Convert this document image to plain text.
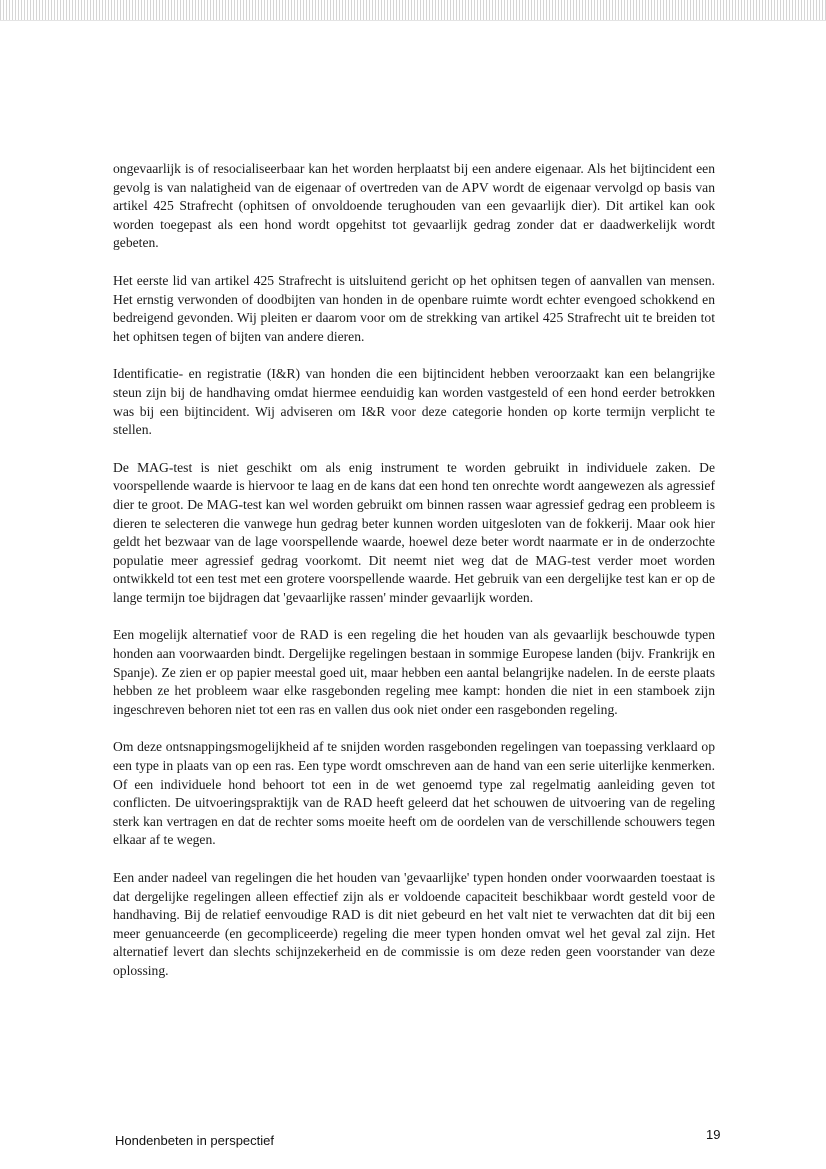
ongevaarlijk is of resocialiseerbaar kan het worden herplaatst bij een andere eigenaar. Als het bijtincident een gevolg is van nalatigheid van de eigenaar of overtreden van de APV wordt de eigenaar vervolgd op basis van artikel 425 Strafrecht (ophitsen of onvoldoende terughouden van een gevaarlijk dier). Dit artikel kan ook worden toegepast als een hond wordt opgehitst tot gevaarlijk gedrag zonder dat er daadwerkelijk wordt gebeten.

Het eerste lid van artikel 425 Strafrecht is uitsluitend gericht op het ophitsen tegen of aanvallen van mensen. Het ernstig verwonden of doodbijten van honden in de openbare ruimte wordt echter evengoed schokkend en bedreigend gevonden. Wij pleiten er daarom voor om de strekking van artikel 425 Strafrecht uit te breiden tot het ophitsen tegen of bijten van andere dieren.

Identificatie- en registratie (I&R) van honden die een bijtincident hebben veroorzaakt kan een belangrijke steun zijn bij de handhaving omdat hiermee eenduidig kan worden vastgesteld of een hond eerder betrokken was bij een bijtincident. Wij adviseren om I&R voor deze categorie honden op korte termijn verplicht te stellen.

De MAG-test is niet geschikt om als enig instrument te worden gebruikt in individuele zaken. De voorspellende waarde is hiervoor te laag en de kans dat een hond ten onrechte wordt aangewezen als agressief dier te groot. De MAG-test kan wel worden gebruikt om binnen rassen waar agressief gedrag een probleem is dieren te selecteren die vanwege hun gedrag beter kunnen worden uitgesloten van de fokkerij. Maar ook hier geldt het bezwaar van de lage voorspellende waarde, hoewel deze beter wordt naarmate er in de onderzochte populatie meer agressief gedrag voorkomt. Dit neemt niet weg dat de MAG-test verder moet worden ontwikkeld tot een test met een grotere voorspellende waarde. Het gebruik van een dergelijke test kan er op de lange termijn toe bijdragen dat 'gevaarlijke rassen' minder gevaarlijk worden.

Een mogelijk alternatief voor de RAD is een regeling die het houden van als gevaarlijk beschouwde typen honden aan voorwaarden bindt. Dergelijke regelingen bestaan in sommige Europese landen (bijv. Frankrijk en Spanje). Ze zien er op papier meestal goed uit, maar hebben een aantal belangrijke nadelen. In de eerste plaats hebben ze het probleem waar elke rasgebonden regeling mee kampt: honden die niet in een stamboek zijn ingeschreven behoren niet tot een ras en vallen dus ook niet onder een rasgebonden regeling.

Om deze ontsnappingsmogelijkheid af te snijden worden rasgebonden regelingen van toepassing verklaard op een type in plaats van op een ras. Een type wordt omschreven aan de hand van een serie uiterlijke kenmerken. Of een individuele hond behoort tot een in de wet genoemd type zal regelmatig aanleiding geven tot conflicten. De uitvoeringspraktijk van de RAD heeft geleerd dat het schouwen de uitvoering van de regeling sterk kan vertragen en dat de rechter soms moeite heeft om de oordelen van de verschillende schouwers tegen elkaar af te wegen.

Een ander nadeel van regelingen die het houden van 'gevaarlijke' typen honden onder voorwaarden toestaat is dat dergelijke regelingen alleen effectief zijn als er voldoende capaciteit beschikbaar wordt gesteld voor de handhaving. Bij de relatief eenvoudige RAD is dit niet gebeurd en het valt niet te verwachten dat dit bij een meer genuanceerde (en gecompliceerde) regeling die meer typen honden omvat wel het geval zal zijn. Het alternatief levert dan slechts schijnzekerheid en de commissie is om deze reden geen voorstander van deze oplossing.

Hondenbeten in perspectief	19
